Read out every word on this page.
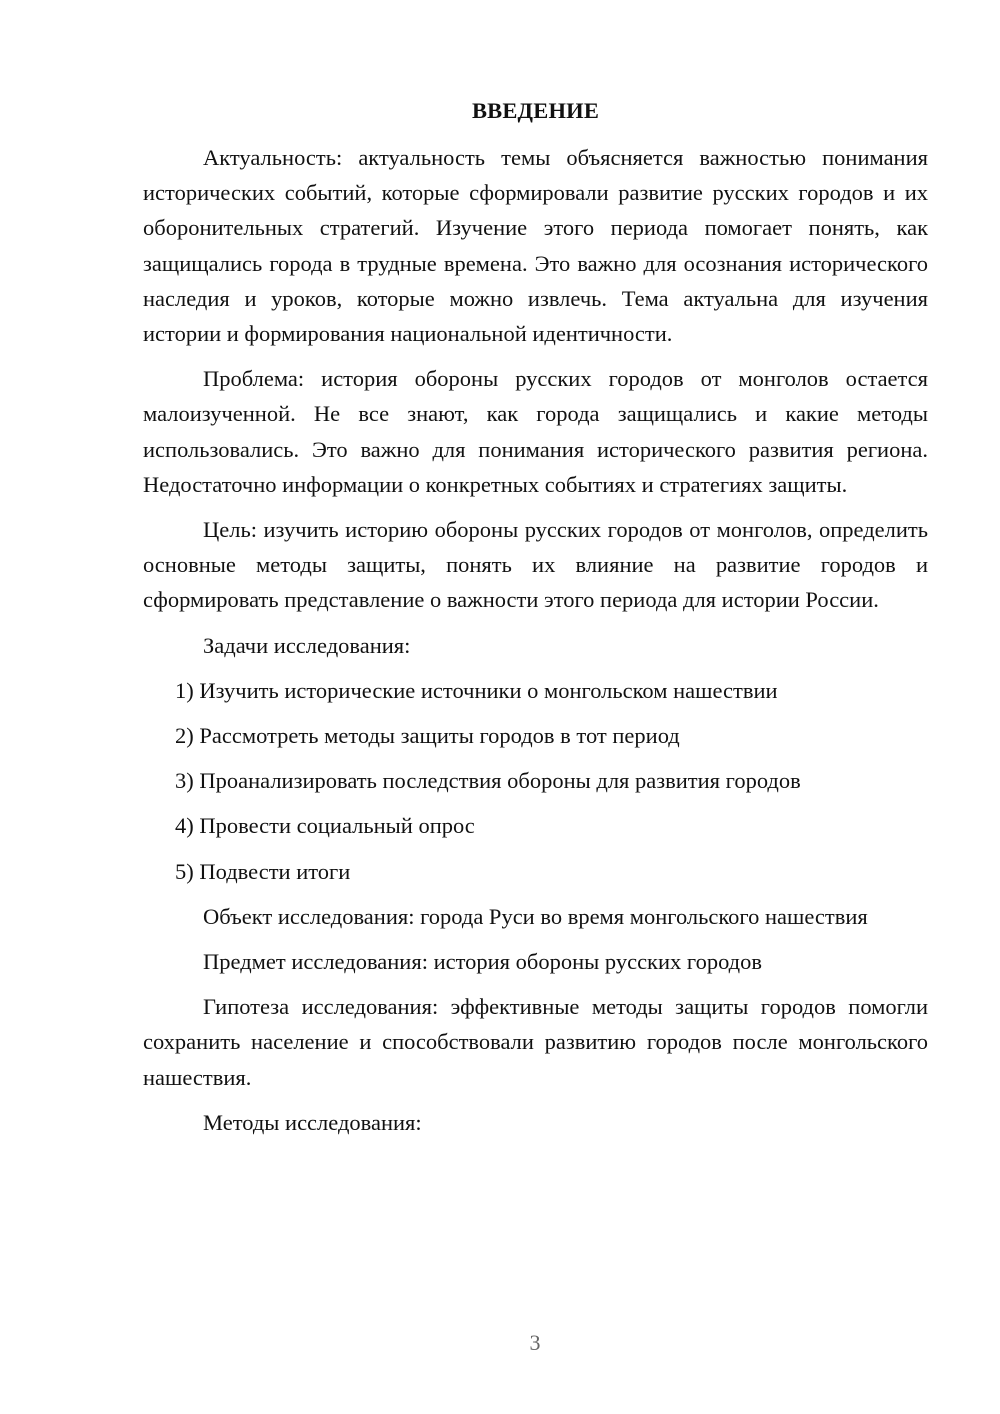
ВВЕДЕНИЕ

Актуальность: актуальность темы объясняется важностью понимания исторических событий, которые сформировали развитие русских городов и их оборонительных стратегий. Изучение этого периода помогает понять, как защищались города в трудные времена. Это важно для осознания исторического наследия и уроков, которые можно извлечь. Тема актуальна для изучения истории и формирования национальной идентичности.

Проблема: история обороны русских городов от монголов остается малоизученной. Не все знают, как города защищались и какие методы использовались. Это важно для понимания исторического развития региона. Недостаточно информации о конкретных событиях и стратегиях защиты.

Цель: изучить историю обороны русских городов от монголов, определить основные методы защиты, понять их влияние на развитие городов и сформировать представление о важности этого периода для истории России.

Задачи исследования:

1) Изучить исторические источники о монгольском нашествии
2) Рассмотреть методы защиты городов в тот период
3) Проанализировать последствия обороны для развития городов
4) Провести социальный опрос
5) Подвести итоги

Объект исследования: города Руси во время монгольского нашествия

Предмет исследования: история обороны русских городов

Гипотеза исследования: эффективные методы защиты городов помогли сохранить население и способствовали развитию городов после монгольского нашествия.

Методы исследования:

3
